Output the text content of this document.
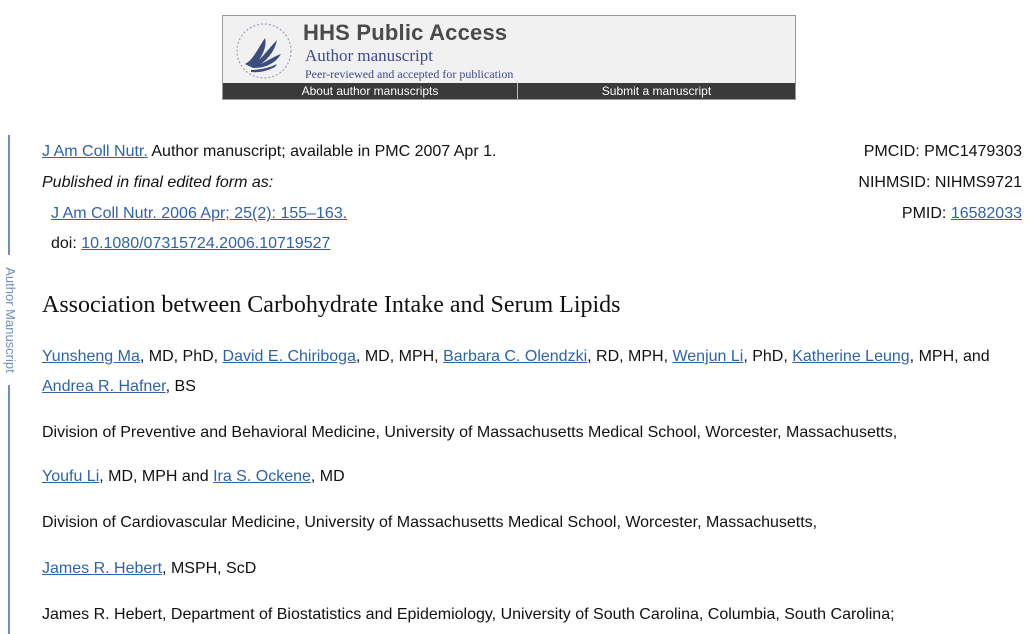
HHS Public Access
Author manuscript
Peer-reviewed and accepted for publication
About author manuscripts	Submit a manuscript
Author Manuscript
J Am Coll Nutr. Author manuscript; available in PMC 2007 Apr 1.
Published in final edited form as:
J Am Coll Nutr. 2006 Apr; 25(2): 155–163.
doi: 10.1080/07315724.2006.10719527
PMCID: PMC1479303
NIHMSID: NIHMS9721
PMID: 16582033
Association between Carbohydrate Intake and Serum Lipids
Yunsheng Ma, MD, PhD, David E. Chiriboga, MD, MPH, Barbara C. Olendzki, RD, MPH, Wenjun Li, PhD, Katherine Leung, MPH, and Andrea R. Hafner, BS
Division of Preventive and Behavioral Medicine, University of Massachusetts Medical School, Worcester, Massachusetts,
Youfu Li, MD, MPH and Ira S. Ockene, MD
Division of Cardiovascular Medicine, University of Massachusetts Medical School, Worcester, Massachusetts,
James R. Hebert, MSPH, ScD
James R. Hebert, Department of Biostatistics and Epidemiology, University of South Carolina, Columbia, South Carolina;
